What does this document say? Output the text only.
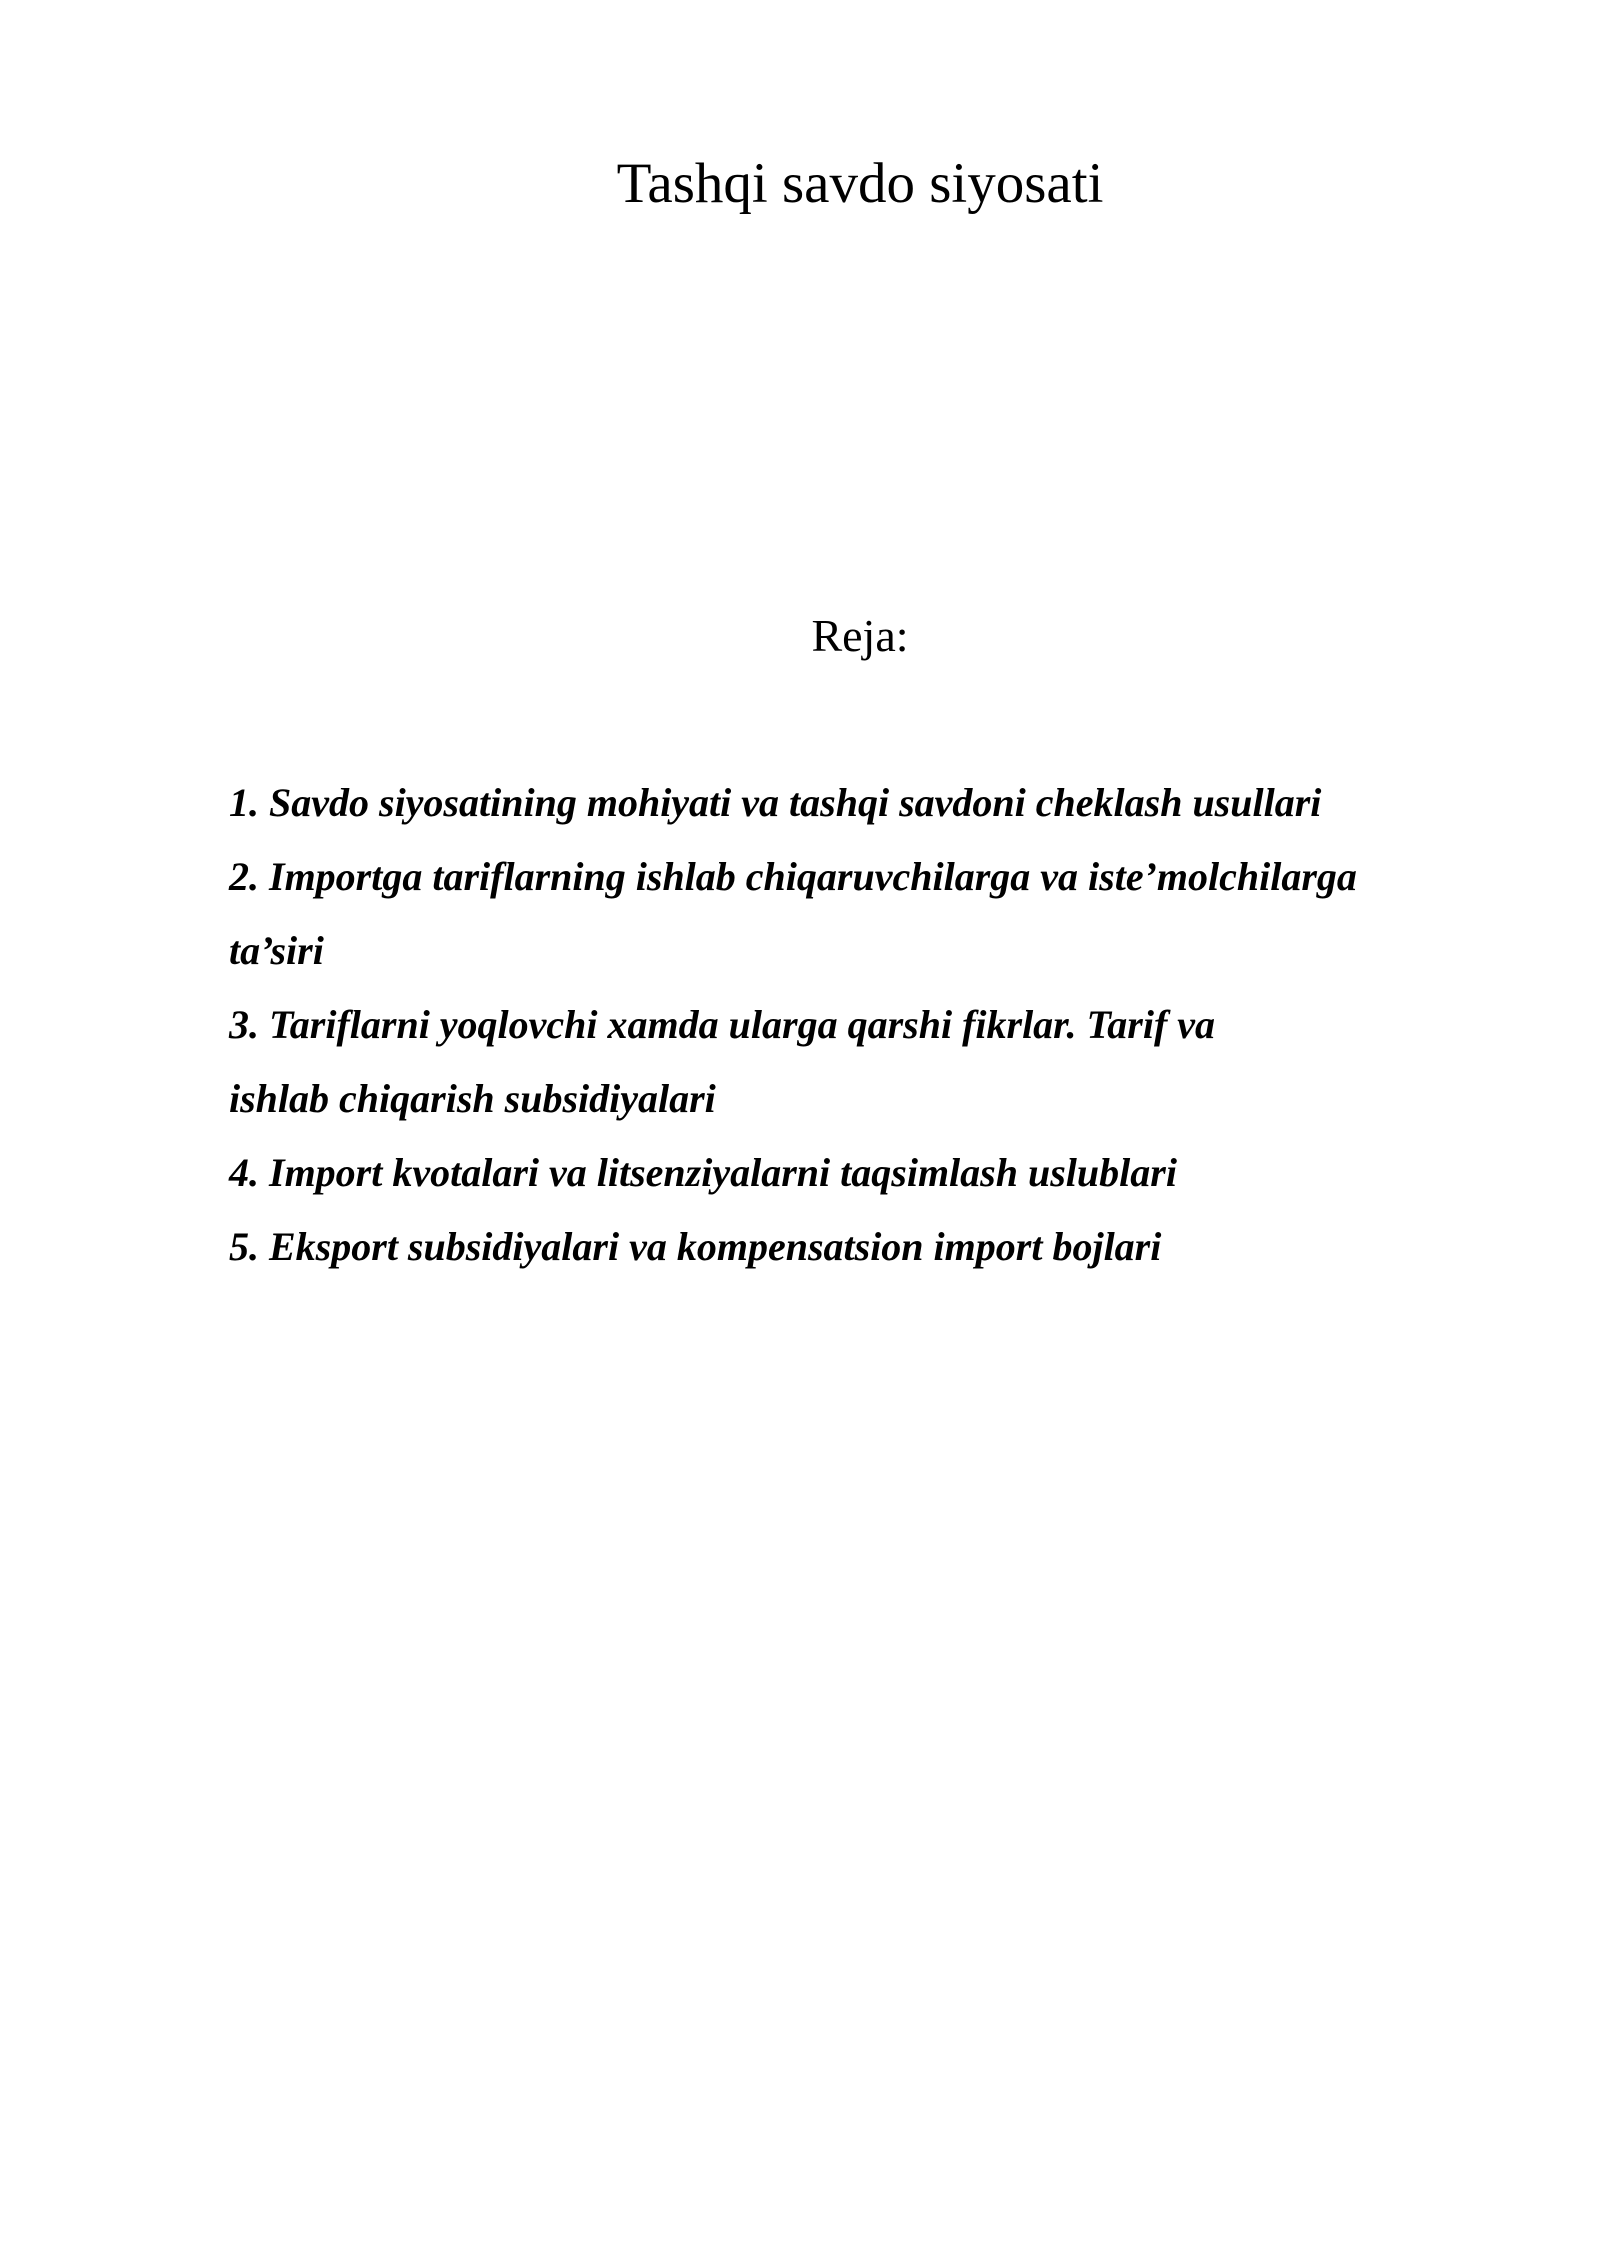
Tashqi savdo siyosati
Reja:
1. Savdo siyosatining mohiyati va tashqi savdoni cheklash usullari
2. Importga tariflarning ishlab chiqaruvchilarga va iste’molchilarga
ta’siri
3. Tariflarni yoqlovchi xamda ularga qarshi fikrlar. Tarif va
ishlab chiqarish subsidiyalari
4. Import kvotalari va litsenziyalarni taqsimlash uslublari
5. Eksport subsidiyalari va kompensatsion import bojlari
